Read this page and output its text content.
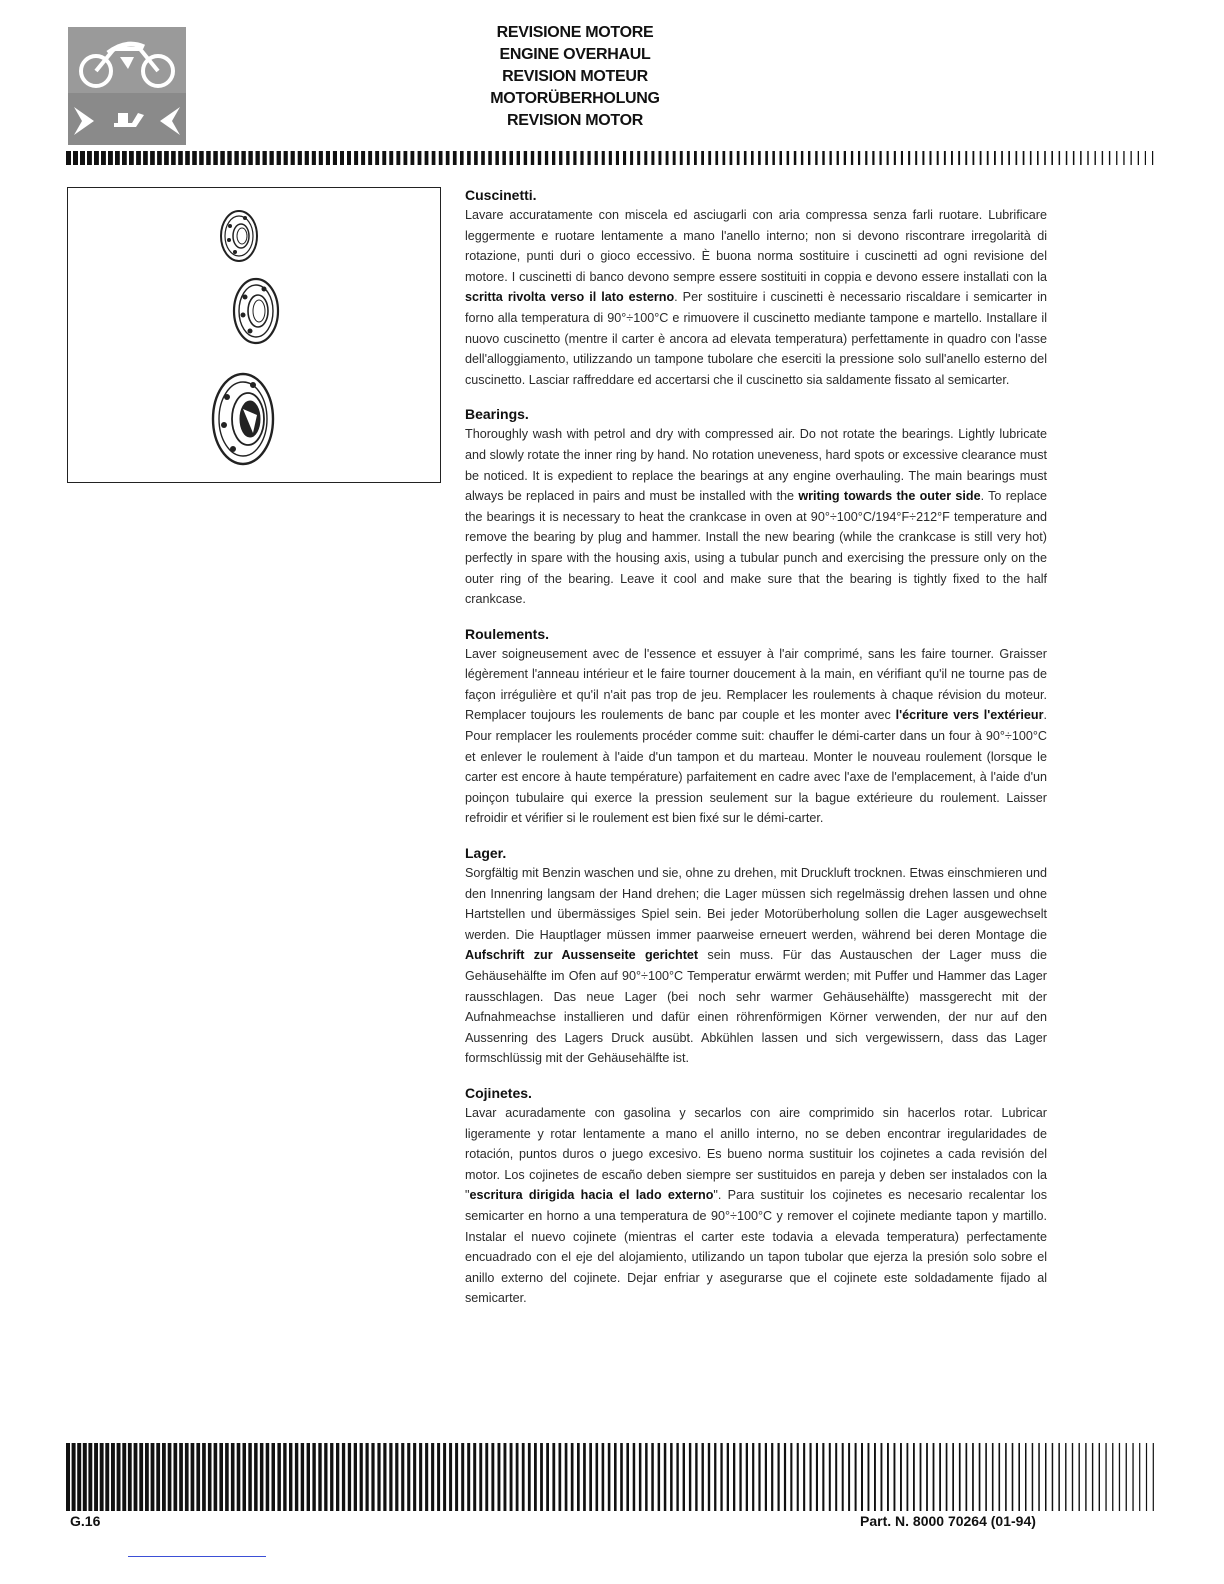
REVISIONE MOTORE
ENGINE OVERHAUL
REVISION MOTEUR
MOTORÜBERHOLUNG
REVISION MOTOR
Cuscinetti.

Lavare accuratamente con miscela ed asciugarli con aria compressa senza farli ruotare. Lubrificare leggermente e ruotare lentamente a mano l'anello interno; non si devono riscontrare irregolarità di rotazione, punti duri o gioco eccessivo. È buona norma sostituire i cuscinetti ad ogni revisione del motore. I cuscinetti di banco devono sempre essere sostituiti in coppia e devono essere installati con la scritta rivolta verso il lato esterno. Per sostituire i cuscinetti è necessario riscaldare i semicarter in forno alla temperatura di 90°÷100°C e rimuovere il cuscinetto mediante tampone e martello. Installare il nuovo cuscinetto (mentre il carter è ancora ad elevata temperatura) perfettamente in quadro con l'asse dell'alloggiamento, utilizzando un tampone tubolare che eserciti la pressione solo sull'anello esterno del cuscinetto. Lasciar raffreddare ed accertarsi che il cuscinetto sia saldamente fissato al semicarter.

Bearings.

Thoroughly wash with petrol and dry with compressed air. Do not rotate the bearings. Lightly lubricate and slowly rotate the inner ring by hand. No rotation uneveness, hard spots or excessive clearance must be noticed. It is expedient to replace the bearings at any engine overhauling. The main bearings must always be replaced in pairs and must be installed with the writing towards the outer side. To replace the bearings it is necessary to heat the crankcase in oven at 90°÷100°C/194°F÷212°F temperature and remove the bearing by plug and hammer. Install the new bearing (while the crankcase is still very hot) perfectly in spare with the housing axis, using a tubular punch and exercising the pressure only on the outer ring of the bearing. Leave it cool and make sure that the bearing is tightly fixed to the half crankcase.

Roulements.

Laver soigneusement avec de l'essence et essuyer à l'air comprimé, sans les faire tourner. Graisser légèrement l'anneau intérieur et le faire tourner doucement à la main, en vérifiant qu'il ne tourne pas de façon irrégulière et qu'il n'ait pas trop de jeu. Remplacer les roulements à chaque révision du moteur. Remplacer toujours les roulements de banc par couple et les monter avec l'écriture vers l'extérieur. Pour remplacer les roulements procéder comme suit: chauffer le démi-carter dans un four à 90°÷100°C et enlever le roulement à l'aide d'un tampon et du marteau. Monter le nouveau roulement (lorsque le carter est encore à haute température) parfaitement en cadre avec l'axe de l'emplacement, à l'aide d'un poinçon tubulaire qui exerce la pression seulement sur la bague extérieure du roulement. Laisser refroidir et vérifier si le roulement est bien fixé sur le démi-carter.

Lager.

Sorgfältig mit Benzin waschen und sie, ohne zu drehen, mit Druckluft trocknen. Etwas einschmieren und den Innenring langsam der Hand drehen; die Lager müssen sich regelmässig drehen lassen und ohne Hartstellen und übermässiges Spiel sein. Bei jeder Motorüberholung sollen die Lager ausgewechselt werden. Die Hauptlager müssen immer paarweise erneuert werden, während bei deren Montage die Aufschrift zur Aussenseite gerichtet sein muss. Für das Austauschen der Lager muss die Gehäusehälfte im Ofen auf 90°÷100°C Temperatur erwärmt werden; mit Puffer und Hammer das Lager rausschlagen. Das neue Lager (bei noch sehr warmer Gehäusehälfte) massgerecht mit der Aufnahmeachse installieren und dafür einen röhrenförmigen Körner verwenden, der nur auf den Aussenring des Lagers Druck ausübt. Abkühlen lassen und sich vergewissern, dass das Lager formschlüssig mit der Gehäusehälfte ist.

Cojinetes.

Lavar acuradamente con gasolina y secarlos con aire comprimido sin hacerlos rotar. Lubricar ligeramente y rotar lentamente a mano el anillo interno, no se deben encontrar iregularidades de rotación, puntos duros o juego excesivo. Es bueno norma sustituir los cojinetes a cada revisión del motor. Los cojinetes de escaño deben siempre ser sustituidos en pareja y deben ser instalados con la "escritura dirigida hacia el lado externo". Para sustituir los cojinetes es necesario recalentar los semicarter en horno a una temperatura de 90°÷100°C y remover el cojinete mediante tapon y martillo. Instalar el nuevo cojinete (mientras el carter este todavia a elevada temperatura) perfectamente encuadrado con el eje del alojamiento, utilizando un tapon tubolar que ejerza la presión solo sobre el anillo externo del cojinete. Dejar enfriar y asegurarse que el cojinete este soldadamente fijado al semicarter.

G.16	Part. N. 8000 70264 (01-94)
